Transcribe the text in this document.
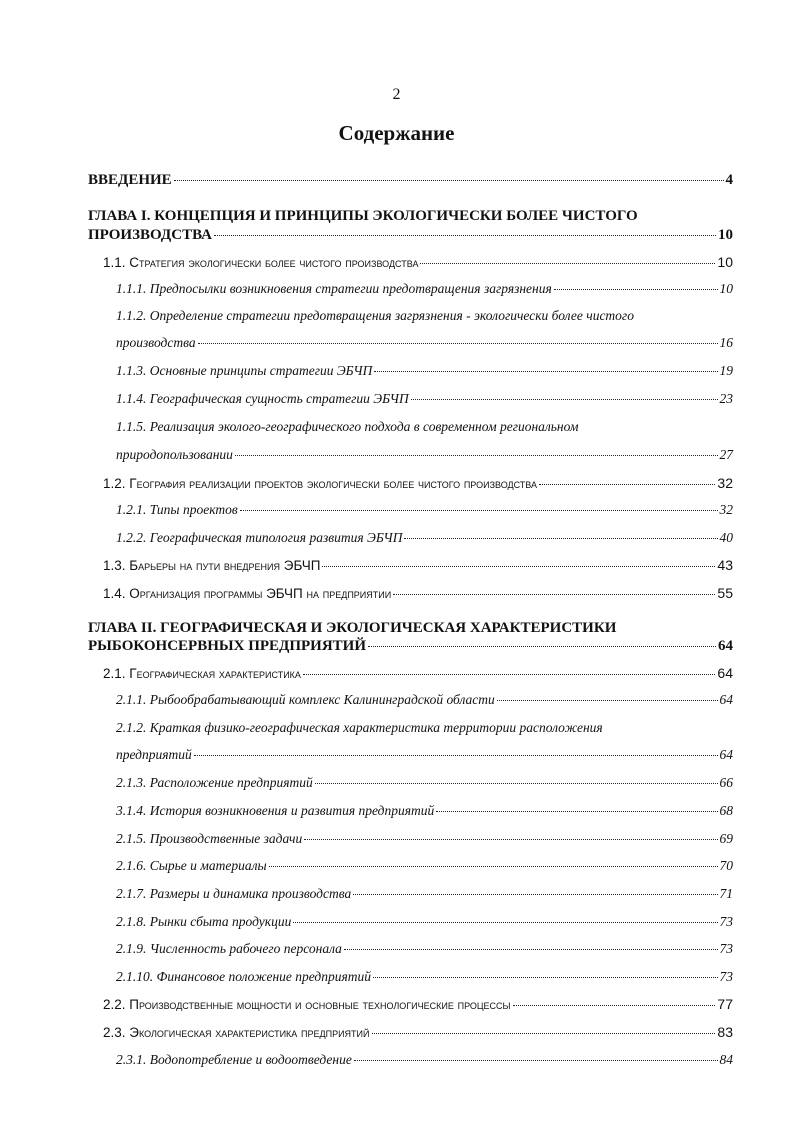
2
Содержание
ВВЕДЕНИЕ	4
ГЛАВА I. КОНЦЕПЦИЯ И ПРИНЦИПЫ ЭКОЛОГИЧЕСКИ БОЛЕЕ ЧИСТОГО
ПРОИЗВОДСТВА	10
1.1. Стратегия экологически более чистого производства	10
1.1.1. Предпосылки возникновения стратегии предотвращения загрязнения	10
1.1.2. Определение стратегии предотвращения загрязнения - экологически более чистого
производства	16
1.1.3. Основные принципы стратегии ЭБЧП	19
1.1.4. Географическая сущность стратегии ЭБЧП	23
1.1.5. Реализация эколого-географического подхода в современном региональном
природопользовании	27
1.2. География реализации проектов экологически более чистого производства	32
1.2.1. Типы проектов	32
1.2.2. Географическая типология развития ЭБЧП	40
1.3. Барьеры на пути внедрения ЭБЧП	43
1.4. Организация программы ЭБЧП на предприятии	55
ГЛАВА II. ГЕОГРАФИЧЕСКАЯ И ЭКОЛОГИЧЕСКАЯ ХАРАКТЕРИСТИКИ
РЫБОКОНСЕРВНЫХ ПРЕДПРИЯТИЙ	64
2.1. Географическая характеристика	64
2.1.1. Рыбообрабатывающий комплекс Калининградской области	64
2.1.2. Краткая физико-географическая характеристика территории расположения
предприятий	64
2.1.3. Расположение предприятий	66
3.1.4. История возникновения и развития предприятий	68
2.1.5. Производственные задачи	69
2.1.6. Сырье и материалы	70
2.1.7. Размеры и динамика производства	71
2.1.8. Рынки сбыта продукции	73
2.1.9. Численность рабочего персонала	73
2.1.10. Финансовое положение предприятий	73
2.2. Производственные мощности и основные технологические процессы	77
2.3. Экологическая характеристика предприятий	83
2.3.1. Водопотребление и водоотведение	84
